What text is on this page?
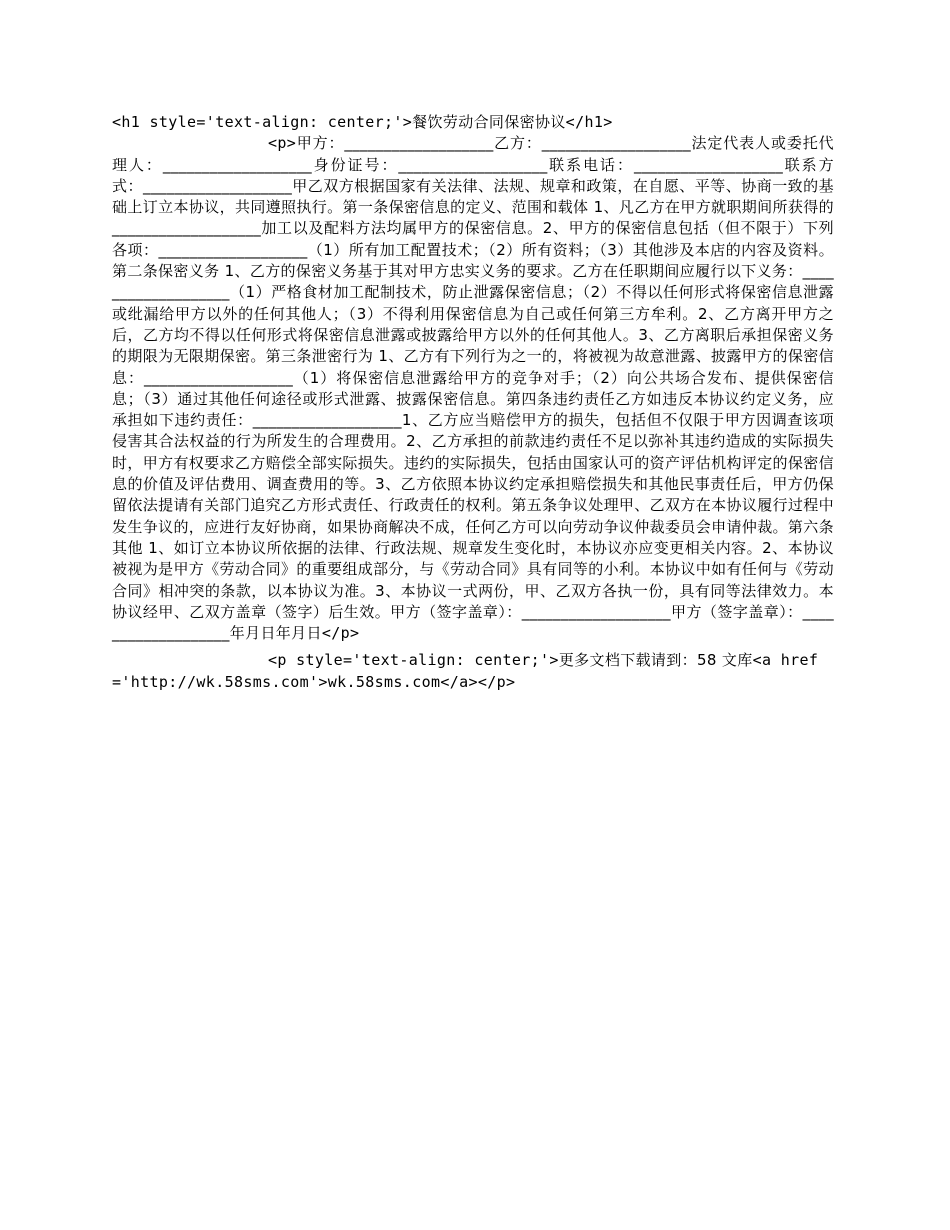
<h1 style='text-align: center;'>餐饮劳动合同保密协议</h1>
<p>甲方：___________________乙方：___________________法定代表人或委托代理人：___________________身份证号：___________________联系电话：___________________联系方式：___________________甲乙双方根据国家有关法律、法规、规章和政策，在自愿、平等、协商一致的基础上订立本协议，共同遵照执行。第一条保密信息的定义、范围和载体 1、凡乙方在甲方就职期间所获得的___________________加工以及配料方法均属甲方的保密信息。2、甲方的保密信息包括（但不限于）下列各项：___________________（1）所有加工配置技术；（2）所有资料；（3）其他涉及本店的内容及资料。第二条保密义务 1、乙方的保密义务基于其对甲方忠实义务的要求。乙方在任职期间应履行以下义务：___________________（1）严格食材加工配制技术，防止泄露保密信息；（2）不得以任何形式将保密信息泄露或纰漏给甲方以外的任何其他人；（3）不得利用保密信息为自己或任何第三方牟利。2、乙方离开甲方之后，乙方均不得以任何形式将保密信息泄露或披露给甲方以外的任何其他人。3、乙方离职后承担保密义务的期限为无限期保密。第三条泄密行为 1、乙方有下列行为之一的，将被视为故意泄露、披露甲方的保密信息：___________________（1）将保密信息泄露给甲方的竞争对手；（2）向公共场合发布、提供保密信息；（3）通过其他任何途径或形式泄露、披露保密信息。第四条违约责任乙方如违反本协议约定义务，应承担如下违约责任：___________________1、乙方应当赔偿甲方的损失，包括但不仅限于甲方因调查该项侵害其合法权益的行为所发生的合理费用。2、乙方承担的前款违约责任不足以弥补其违约造成的实际损失时，甲方有权要求乙方赔偿全部实际损失。违约的实际损失，包括由国家认可的资产评估机构评定的保密信息的价值及评估费用、调查费用的等。3、乙方依照本协议约定承担赔偿损失和其他民事责任后，甲方仍保留依法提请有关部门追究乙方形式责任、行政责任的权利。第五条争议处理甲、乙双方在本协议履行过程中发生争议的，应进行友好协商，如果协商解决不成，任何乙方可以向劳动争议仲裁委员会申请仲裁。第六条其他 1、如订立本协议所依据的法律、行政法规、规章发生变化时，本协议亦应变更相关内容。2、本协议被视为是甲方《劳动合同》的重要组成部分，与《劳动合同》具有同等的小利。本协议中如有任何与《劳动合同》相冲突的条款，以本协议为准。3、本协议一式两份，甲、乙双方各执一份，具有同等法律效力。本协议经甲、乙双方盖章（签字）后生效。甲方（签字盖章）：___________________甲方（签字盖章）：___________________年月日年月日</p>
<p style='text-align: center;'>更多文档下载请到：58 文库<a href='http://wk.58sms.com'>wk.58sms.com</a></p>
